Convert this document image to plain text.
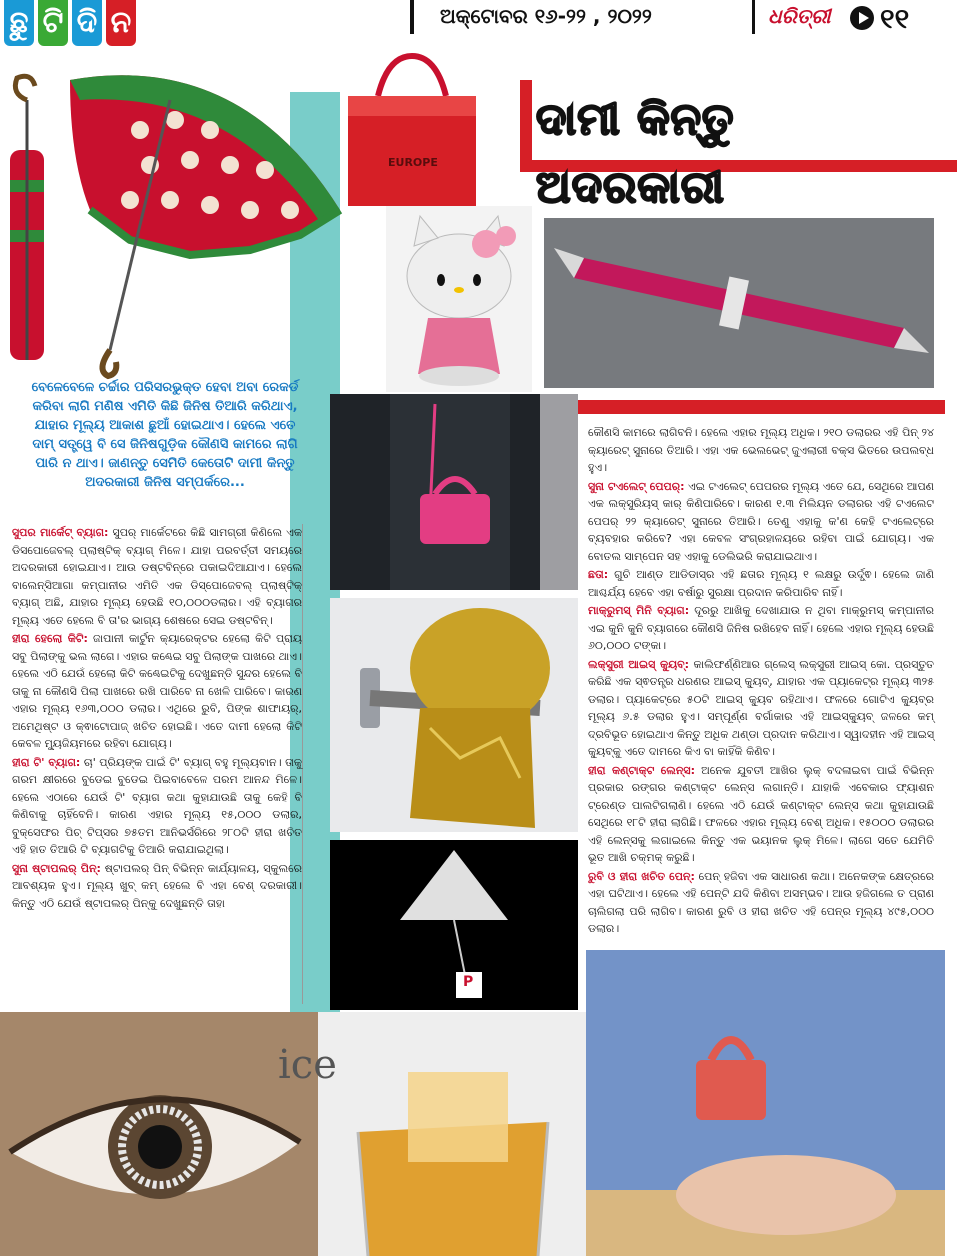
ଛୁ ଟି ଦି ନ	ଅକ୍ଟୋବର ୧୬-୨୨ , ୨୦୨୨	ଧରିତ୍ରୀ ୧୧
EUROPE
ଦାମୀ କିନ୍ତୁ ଅଦରକାରୀ
ବେଳେବେଳେ ଚର୍ଚ୍ଚାର ପରିସରଭୁକ୍ତ ହେବା ଅବା ରେକର୍ଡ କରିବା ଲାଗି ମଣିଷ ଏମିତି କିଛି ଜିନିଷ ତିଆରି କରିଥାଏ, ଯାହାର ମୂଲ୍ୟ ଆକାଶ ଛୁଆଁ ହୋଇଥାଏ। ହେଲେ ଏତେ ଦାମ୍ ସତ୍ତ୍ୱେ ବି ସେ ଜିନିଷଗୁଡ଼ିକ କୌଣସି କାମରେ ଲାଗି ପାରି ନ ଥାଏ। ଜାଣନ୍ତୁ ସେମିତି କେତୋଟି ଦାମୀ କିନ୍ତୁ ଅଦରକାରୀ ଜିନିଷ ସମ୍ପର୍କରେ...
P

ସୁପର ମାର୍କେଟ୍ ବ୍ୟାଗ: ସୁପର୍ ମାର୍କେଟରେ କିଛି ସାମଗ୍ରୀ କିଣିଲେ ଏକ ଡିସପୋଜେବଲ୍ ପ୍ଲାଷ୍ଟିକ୍ ବ୍ୟାଗ୍ ମିଳେ। ଯାହା ପରବର୍ତ୍ତୀ ସମୟରେ ଅଦରକାରୀ ହୋଇଯାଏ। ଆଉ ଡଷ୍ଟବିନ୍‌ରେ ପକାଇଦିଆଯାଏ। ହେଲେ ବାଲେନ୍‌ସିଆଗା କମ୍ପାନୀର ଏମିତି ଏକ ଡିସ୍‌ପୋଜେବଲ୍ ପ୍ଲାଷ୍ଟିକ୍ ବ୍ୟାଗ୍ ଅଛି, ଯାହାର ମୂଲ୍ୟ ହେଉଛି ୧୦,୦୦୦ଡଲାର। ଏହି ବ୍ୟାଗର ମୂଲ୍ୟ ଏତେ ହେଲେ ବି ତା'ର ଭାଗ୍ୟ ଶେଷରେ ସେଇ ଡଷ୍ଟବିନ୍।

ହୀରା ହେଲୋ କିଟି: ଜାପାନୀ କାର୍ଟୁନ କ୍ୟାରେକ୍ଟର ହେଲୋ କିଟି ପ୍ରାୟ ସବୁ ପିଲାଙ୍କୁ ଭଲ ଲାଗେ। ଏହାର କଣ୍ଢେଇ ସବୁ ପିଲାଙ୍କ ପାଖରେ ଥାଏ। ହେଲେ ଏଠି ଯେଉଁ ହେଲୋ କିଟି କଣ୍ଢେଇଟିକୁ ଦେଖୁଛନ୍ତି ସୁନ୍ଦର ହେଲେ ବି ତାକୁ ନା କୌଣସି ପିଲା ପାଖରେ ରଖି ପାରିବେ ନା ଖେଳି ପାରିବେ। କାରଣ ଏହାର ମୂଲ୍ୟ ୧୬୩,୦୦୦ ଡଲାର। ଏଥିରେ ରୁବି, ପିଙ୍କ ଶାଫାୟର୍, ଅମେଥିଷ୍ଟ ଓ କ୍ଵାଟୋପାଜ୍ ଖଚିତ ହୋଇଛି। ଏତେ ଦାମୀ ହେଲୋ କିଟି କେବଳ ମ୍ୟୁଜିୟମରେ ରହିବା ଯୋଗ୍ୟ।

ହୀରା ଟି' ବ୍ୟାଗ: ଚା' ପ୍ରିୟଙ୍କ ପାଇଁ ଟି' ବ୍ୟାଗ୍ ବହୁ ମୂଲ୍ୟବାନ। ତାକୁ ଗରମ କ୍ଷୀରରେ ବୁଡେଇ ବୁଡେଇ ପିଇବାବେଳେ ପରମ ଆନନ୍ଦ ମିଳେ। ହେଲେ ଏଠାରେ ଯେଉଁ ଟି' ବ୍ୟାଗ କଥା କୁହାଯାଉଛି ତାକୁ କେହି ବି କିଣିବାକୁ ଚାହିଁବେନି। କାରଣ ଏହାର ମୂଲ୍ୟ ୧୫,୦୦୦ ଡଲାର, ବୁକ୍‌ସେଫର ପିଚ୍ ଟିପ୍ସର ୭୫ତମ ଆନିଭର୍ସରିରେ ୨୮୦ଟି ହୀରା ଖଚିତ ଏହି ହାତ ତିଆରି ଟି ବ୍ୟାଗଟିକୁ ତିଆରି କରାଯାଇଥିଲା।

ସୁନା ଷ୍ଟାପଲର୍ ପିନ୍: ଷ୍ଟାପଲର୍ ପିନ୍ ବିଭିନ୍ନ କାର୍ଯ୍ୟାଳୟ, ସ୍କୁଲରେ ଆବଶ୍ୟକ ହୁଏ। ମୂଲ୍ୟ ଖୁବ୍ କମ୍ ହେଲେ ବି ଏହା ବେଶ୍ ଦରକାରୀ। କିନ୍ତୁ ଏଠି ଯେଉଁ ଷ୍ଟାପଲର୍ ପିନ୍‌କୁ ଦେଖୁଛନ୍ତି ତାହା

କୌଣସି କାମରେ ଲାଗିବନି। ହେଲେ ଏହାର ମୂଲ୍ୟ ଅଧିକ। ୨୧୦ ଡଲାରର ଏହି ପିନ୍ ୨୪ କ୍ୟାରେଟ୍ ସୁନାରେ ତିଆରି। ଏହା ଏକ ଭେଲଭେଟ୍ ଜୁଏଲାରୀ ବକ୍ସ ଭିତରେ ଉପଲବ୍ଧ ହୁଏ।

ସୁନା ଟଏଲେଟ୍ ପେପର୍: ଏଇ ଟଏଲେଟ୍ ପେପରର ମୂଲ୍ୟ ଏତେ ଯେ, ସେଥିରେ ଆପଣ ଏକ ଲକ୍ସୁରିୟସ୍ କାର୍ କିଣିପାରିବେ। କାରଣ ୧.୩ ମିଲିୟନ ଡଲାରର ଏହି ଟଏଲେଟ ପେପର୍ ୨୨ କ୍ୟାରେଟ୍ ସୁନାରେ ତିଆରି। ତେଣୁ ଏହାକୁ କ'ଣ କେହି ଟଏଲେଟ୍‌ରେ ବ୍ୟବହାର କରିବେ? ଏହା କେବଳ ସଂଗ୍ରହାଳୟରେ ରହିବା ପାଇଁ ଯୋଗ୍ୟ। ଏକ ବୋତଲ ସାମ୍ପେନ ସହ ଏହାକୁ ଡେଲିଭରି କରାଯାଇଥାଏ।

ଛତା: ଗୁଚି ଆଣ୍ଡ ଆଡିଡାସ୍‌ର ଏହି ଛତାର ମୂଲ୍ୟ ୧ ଲକ୍ଷରୁ ଉର୍ଦ୍ଧ୍ଵ। ହେଲେ ଜାଣି ଆଶ୍ଚର୍ଯ୍ୟ ହେବେ ଏହା ବର୍ଷାରୁ ସୁରକ୍ଷା ପ୍ରଦାନ କରିପାରିବ ନାହିଁ।

ମାକ୍ରୁମସ୍ ମିନି ବ୍ୟାଗ: ଦୂରରୁ ଆଖିକୁ ଦେଖାଯାଉ ନ ଥିବା ମାକ୍ରୁମସ୍ କମ୍ପାନୀର ଏଇ କୁନି କୁନି ବ୍ୟାଗରେ କୌଣସି ଜିନିଷ ରଖିହେବ ନାହିଁ। ହେଲେ ଏହାର ମୂଲ୍ୟ ହେଉଛି ୬୦,୦୦୦ ଟଙ୍କା।

ଲକ୍ସୁରୀ ଆଇସ୍ କ୍ୟୁବ୍: କାଲିଫର୍ଣ୍ଣିଆର ଗ୍ଲେସ୍ ଲକ୍ସୁରୀ ଆଇସ୍ କୋ. ପ୍ରସ୍ତୁତ କରିଛି ଏକ ସ୍ଵତନ୍ତ୍ର ଧରଣର ଆଇସ୍ କ୍ୟୁବ୍, ଯାହାର ଏକ ପ୍ୟାକେଟ୍‌ର ମୂଲ୍ୟ ୩୨୫ ଡଲାର। ପ୍ୟାକେଟ୍‌ରେ ୫୦ଟି ଆଇସ୍ କ୍ୟୁବ ରହିଥାଏ। ଫଳରେ ଗୋଟିଏ କ୍ୟୁବ୍‌ର ମୂଲ୍ୟ ୬.୫ ଡଲାର ହୁଏ। ସମ୍ପୂର୍ଣ୍ଣ ବର୍ଗାକାର ଏହି ଆଇସ୍‌କ୍ୟୁବ୍ ଜଳରେ କମ୍ ଦ୍ରବିଭୂତ ହୋଇଥାଏ କିନ୍ତୁ ଅଧିକ ଥଣ୍ଡା ପ୍ରଦାନ କରିଥାଏ। ସ୍ୱାଦହୀନ ଏହି ଆଇସ୍ କ୍ୟୁବ୍‌କୁ ଏତେ ଦାମରେ କିଏ ବା କାହିଁକି କିଣିବ।

ହୀରା କଣ୍ଟାକ୍ଟ ଲେନ୍ସ: ଅନେକ ଯୁବତୀ ଆଖିର ଲୁକ୍ ବଦଳାଇବା ପାଇଁ ବିଭିନ୍ନ ପ୍ରକାର ରଙ୍ଗର କଣ୍ଟାକ୍ଟ ଲେନ୍ସ ଲଗାନ୍ତି। ଯାହାକି ଏବେକାର ଫ୍ୟାଶନ ଟ୍ରେଣ୍ଡ ପାଲଟିଗଲାଣି। ହେଲେ ଏଠି ଯେଉଁ କଣ୍ଟାକ୍ଟ ଲେନ୍ସ କଥା କୁହାଯାଉଛି ସେଥିରେ ୧୮ଟି ହୀରା ଲାଗିଛି। ଫଳରେ ଏହାର ମୂଲ୍ୟ ବେଶ୍ ଅଧିକ। ୧୫୦୦୦ ଡଲାରର ଏହି ଲେନ୍ସକୁ ଲଗାଇଲେ କିନ୍ତୁ ଏକ ଭୟାନକ ଲୁକ୍ ମିଳେ। ଲାଗେ ସତେ ଯେମିତି ଭୂତ ଆଖି ଚକ୍‌ମକ୍ କରୁଛି।

ରୁବି ଓ ହୀରା ଖଚିତ ପେନ୍: ପେନ୍ ହଜିବା ଏକ ସାଧାରଣ କଥା। ଅନେକଙ୍କ କ୍ଷେତ୍ରରେ ଏହା ଘଟିଥାଏ। ହେଲେ ଏହି ପେନ୍‌ଟି ଯଦି କିଣିବା ଅସମ୍ଭବ। ଆଉ ହଜିଗଲେ ତ ପ୍ରାଣ ଚାଲିଗଲା ପରି ଲାଗିବ। କାରଣ ରୁବି ଓ ହୀରା ଖଚିତ ଏହି ପେନ୍‌ର ମୂଲ୍ୟ ୪୯୫,୦୦୦ ଡଲାର।

ice
